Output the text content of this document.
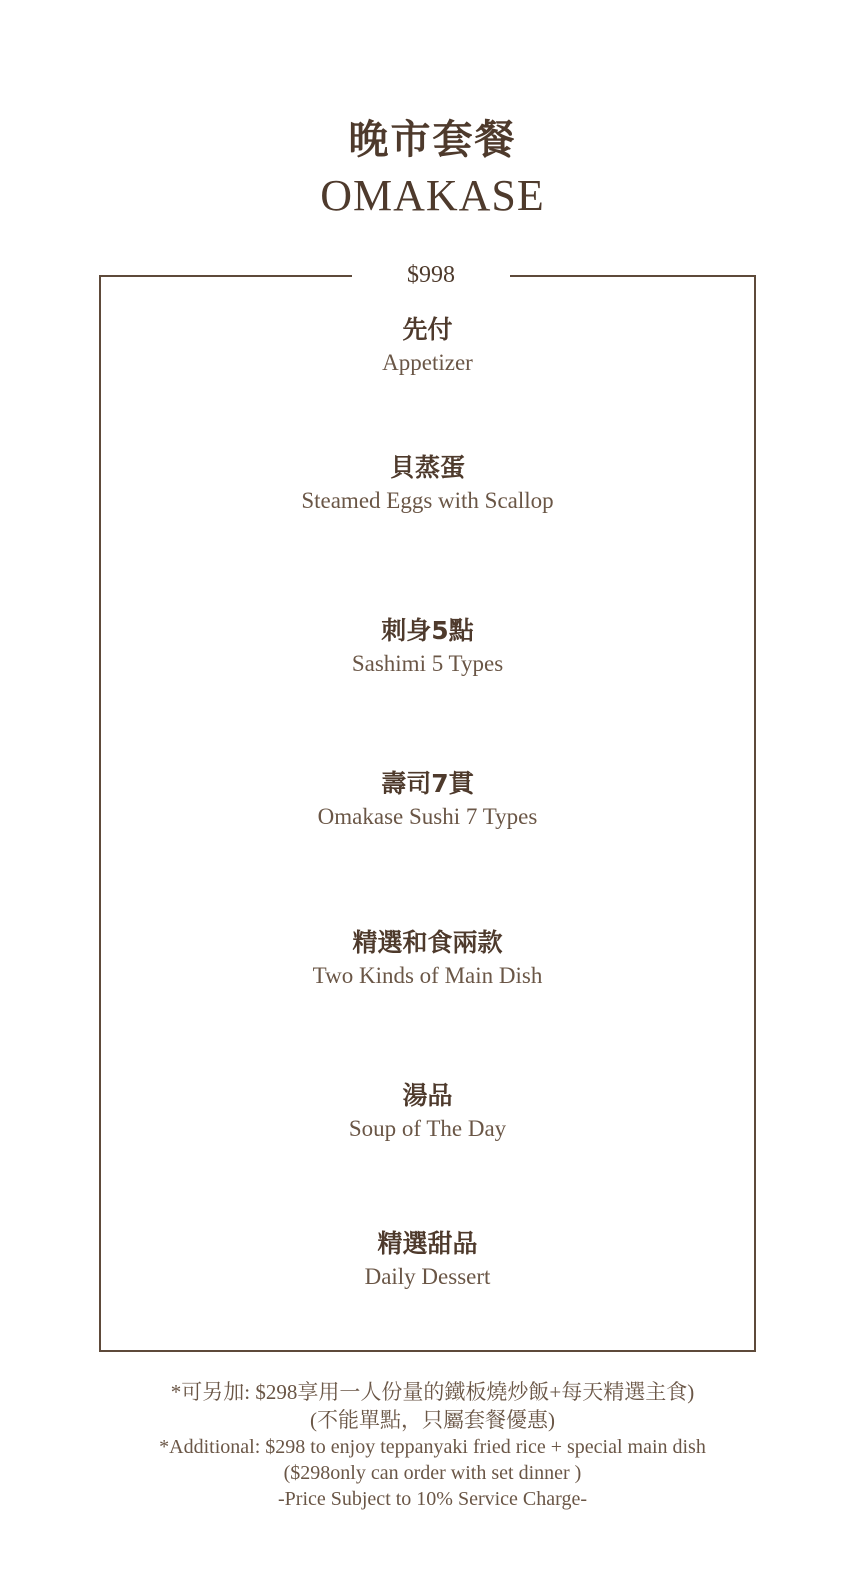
晚市套餐
OMAKASE
$998
先付
Appetizer
貝蒸蛋
Steamed Eggs with Scallop
刺身5點
Sashimi 5 Types
壽司7貫
Omakase Sushi 7 Types
精選和食兩款
Two Kinds of Main Dish
湯品
Soup of The Day
精選甜品
Daily Dessert
*可另加: $298享用一人份量的鐵板燒炒飯+每天精選主食)
(不能單點，只屬套餐優惠)
*Additional: $298 to enjoy teppanyaki fried rice + special main dish
($298only can order with set dinner )
-Price Subject to 10% Service Charge-
